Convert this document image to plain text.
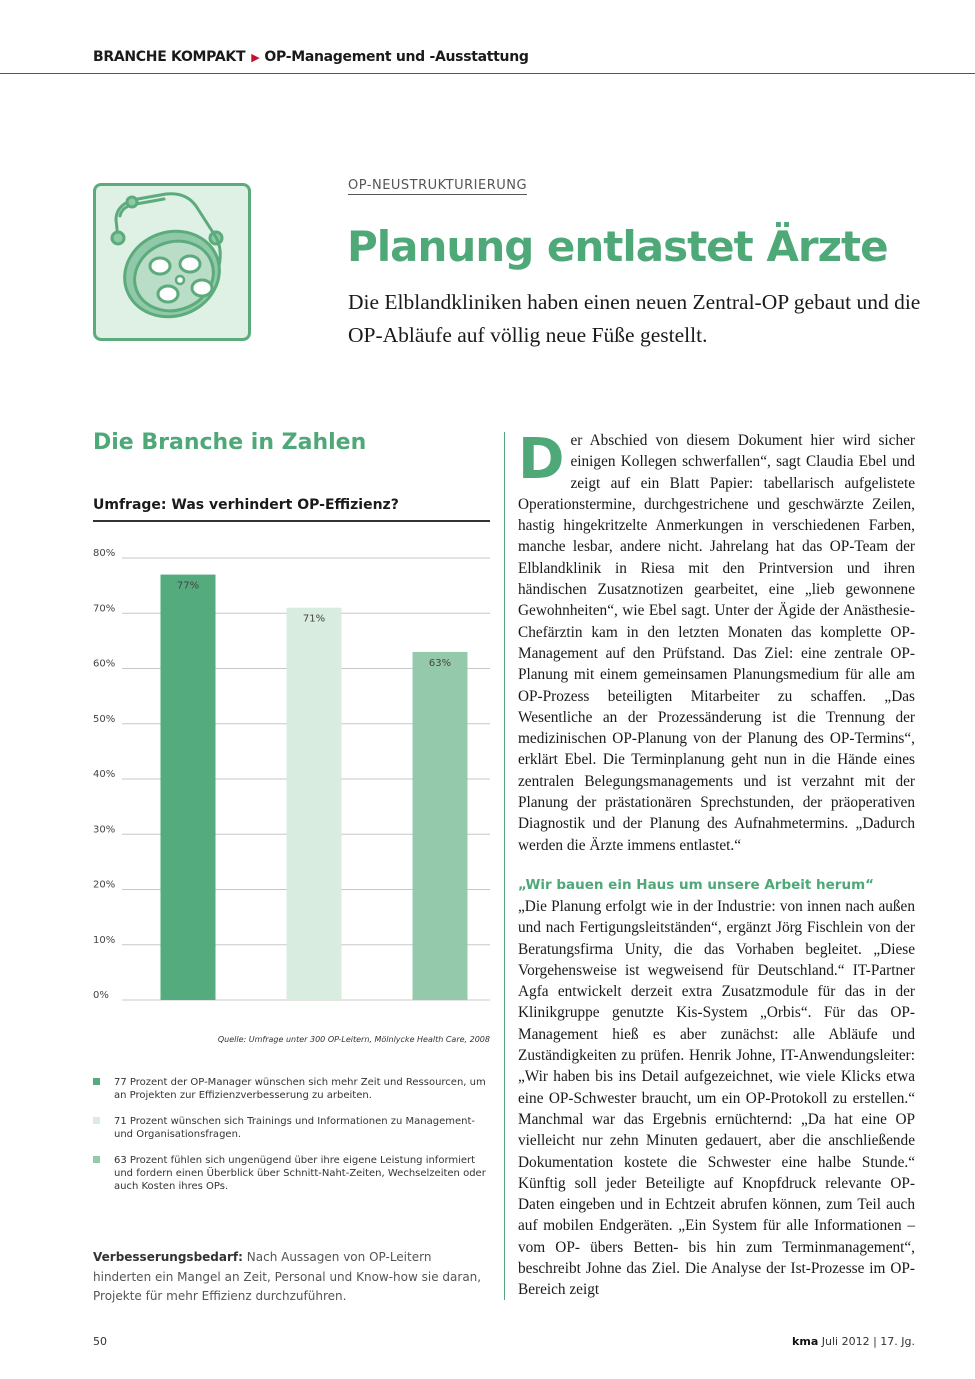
BRANCHE KOMPAKT ▶ OP-Management und -Ausstattung
OP-NEUSTRUKTURIERUNG
Planung entlastet Ärzte
Die Elblandkliniken haben einen neuen Zentral-OP gebaut und die OP-Abläufe auf völlig neue Füße gestellt.
Die Branche in Zahlen
Umfrage: Was verhindert OP-Effizienz?
0%
10%
20%
30%
40%
50%
60%
70%
80%
77%
71%
63%
Quelle: Umfrage unter 300 OP-Leitern, Mölnlycke Health Care, 2008
77 Prozent der OP-Manager wünschen sich mehr Zeit und Ressourcen, um an Projekten zur Effizienzverbesserung zu arbeiten.
71 Prozent wünschen sich Trainings und Informationen zu Management- und Organisationsfragen.
63 Prozent fühlen sich ungenügend über ihre eigene Leistung informiert und fordern einen Überblick über Schnitt-Naht-Zeiten, Wechselzeiten oder auch Kosten ihres OPs.
Verbesserungsbedarf: Nach Aussagen von OP-Leitern hinderten ein Mangel an Zeit, Personal und Know-how sie daran, Projekte für mehr Effizienz durchzuführen.

Der Abschied von diesem Dokument hier wird sicher einigen Kollegen schwerfallen“, sagt Claudia Ebel und zeigt auf ein Blatt Papier: tabellarisch aufgelistete Operationstermine, durchgestrichene und geschwärzte Zeilen, hastig hingekritzelte Anmerkungen in verschiedenen Farben, manche lesbar, andere nicht. Jahrelang hat das OP-Team der Elblandklinik in Riesa mit den Printversion und ihren händischen Zusatznotizen gearbeitet, eine „lieb gewonnene Gewohnheiten“, wie Ebel sagt. Unter der Ägide der Anästhesie-Chefärztin kam in den letzten Monaten das komplette OP-Management auf den Prüfstand. Das Ziel: eine zentrale OP-Planung mit einem gemeinsamen Planungsmedium für alle am OP-Prozess beteiligten Mitarbeiter zu schaffen. „Das Wesentliche an der Prozessänderung ist die Trennung der medizinischen OP-Planung von der Planung des OP-Termins“, erklärt Ebel. Die Terminplanung geht nun in die Hände eines zentralen Belegungsmanagements und ist verzahnt mit der Planung der prästationären Sprechstunden, der präoperativen Diagnostik und der Planung des Aufnahmetermins. „Dadurch werden die Ärzte immens entlastet.“

„Wir bauen ein Haus um unsere Arbeit herum“

„Die Planung erfolgt wie in der Industrie: von innen nach außen und nach Fertigungsleitständen“, ergänzt Jörg Fischlein von der Beratungsfirma Unity, die das Vorhaben begleitet. „Diese Vorgehensweise ist wegweisend für Deutschland.“ IT-Partner Agfa entwickelt derzeit extra Zusatzmodule für das in der Klinikgruppe genutzte Kis-System „Orbis“. Für das OP-Management hieß es aber zunächst: alle Abläufe und Zuständigkeiten zu prüfen. Henrik Johne, IT-Anwendungsleiter: „Wir haben bis ins Detail aufgezeichnet, wie viele Klicks etwa eine OP-Schwester braucht, um ein OP-Protokoll zu erstellen.“ Manchmal war das Ergebnis ernüchternd: „Da hat eine OP vielleicht nur zehn Minuten gedauert, aber die anschließende Dokumentation kostete die Schwester eine halbe Stunde.“ Künftig soll jeder Beteiligte auf Knopfdruck relevante OP-Daten eingeben und in Echtzeit abrufen können, zum Teil auch auf mobilen Endgeräten. „Ein System für alle Informationen – vom OP- übers Betten- bis hin zum Terminmanagement“, beschreibt Johne das Ziel. Die Analyse der Ist-Prozesse im OP-Bereich zeigt

50	kma Juli 2012 | 17. Jg.
